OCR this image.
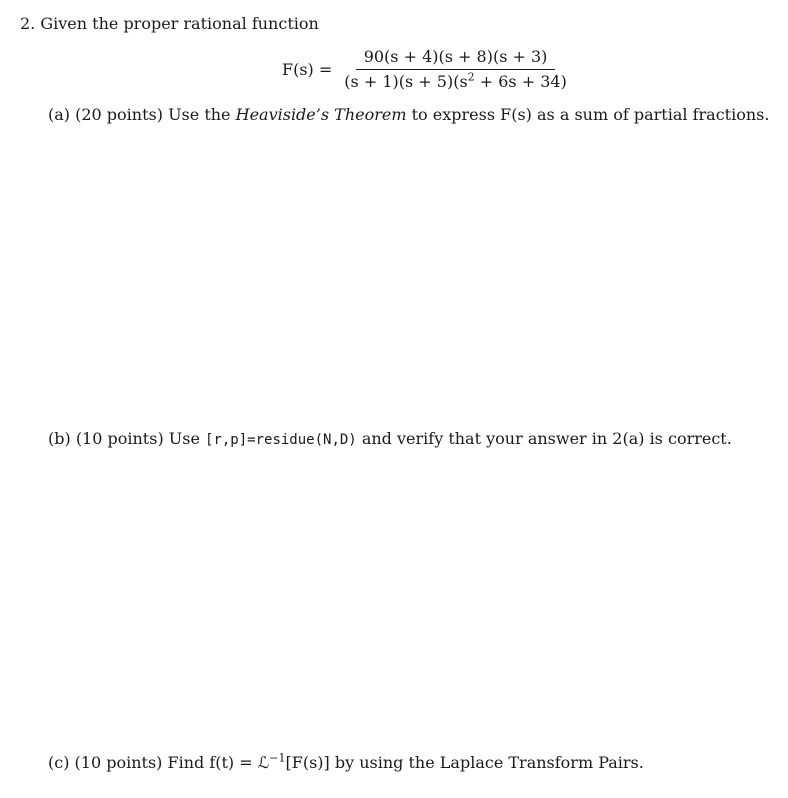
2. Given the proper rational function
$F(s) = \frac{90(s + 4)(s + 8)(s + 3)}{(s + 1)(s + 5)(s^2 + 6s + 34)}$
(a) (20 points) Use the Heaviside’s Theorem to express F(s) as a sum of partial fractions.
(b) (10 points) Use [r,p]=residue(N,D) and verify that your answer in 2(a) is correct.
(c) (10 points) Find f(t) = ℒ$^{-1}$[F(s)] by using the Laplace Transform Pairs.
